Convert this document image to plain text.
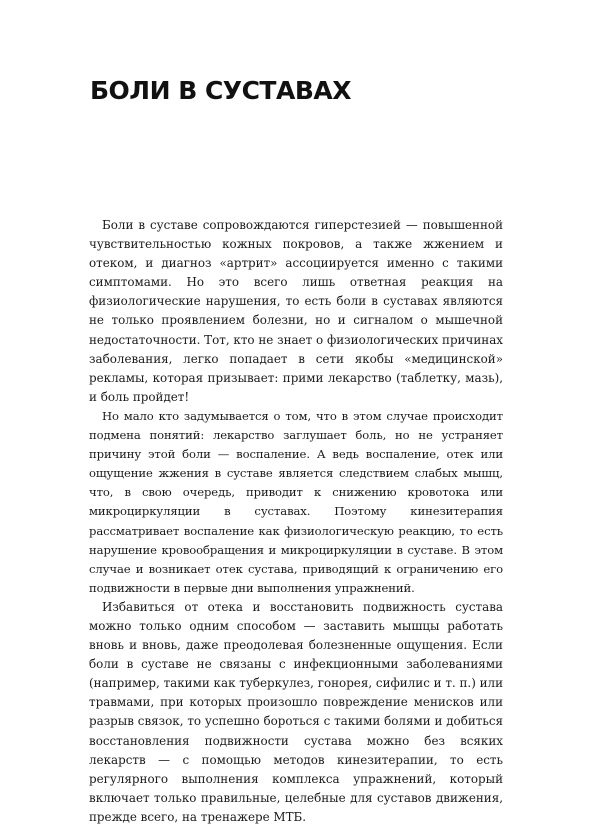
БОЛИ В СУСТАВАХ

Боли в суставе сопровождаются гиперстезией — повышенной чувствительностью кожных покровов, а также жжением и отеком, и диагноз «артрит» ассоциируется именно с такими симптомами. Но это всего лишь ответная реакция на физиологические нарушения, то есть боли в суставах являются не только проявлением болезни, но и сигналом о мышечной недостаточности. Тот, кто не знает о физиологических причинах заболевания, легко попадает в сети якобы «медицинской» рекламы, которая призывает: прими лекарство (таблетку, мазь), и боль пройдет!

Но мало кто задумывается о том, что в этом случае происходит подмена понятий: лекарство заглушает боль, но не устраняет причину этой боли — воспаление. А ведь воспаление, отек или ощущение жжения в суставе является следствием слабых мышц, что, в свою очередь, приводит к снижению кровотока или микроциркуляции в суставах. Поэтому кинезитерапия рассматривает воспаление как физиологическую реакцию, то есть нарушение кровообращения и микроциркуляции в суставе. В этом случае и возникает отек сустава, приводящий к ограничению его подвижности в первые дни выполнения упражнений.

Избавиться от отека и восстановить подвижность сустава можно только одним способом — заставить мышцы работать вновь и вновь, даже преодолевая болезненные ощущения. Если боли в суставе не связаны с инфекционными заболеваниями (например, такими как туберкулез, гонорея, сифилис и т. п.) или травмами, при которых произошло повреждение менисков или разрыв связок, то успешно бороться с такими болями и добиться восстановления подвижности сустава можно без всяких лекарств — с помощью методов кинезитерапии, то есть регулярного выполнения комплекса упражнений, который включает только правильные, целебные для суставов движения, прежде всего, на тренажере МТБ.
